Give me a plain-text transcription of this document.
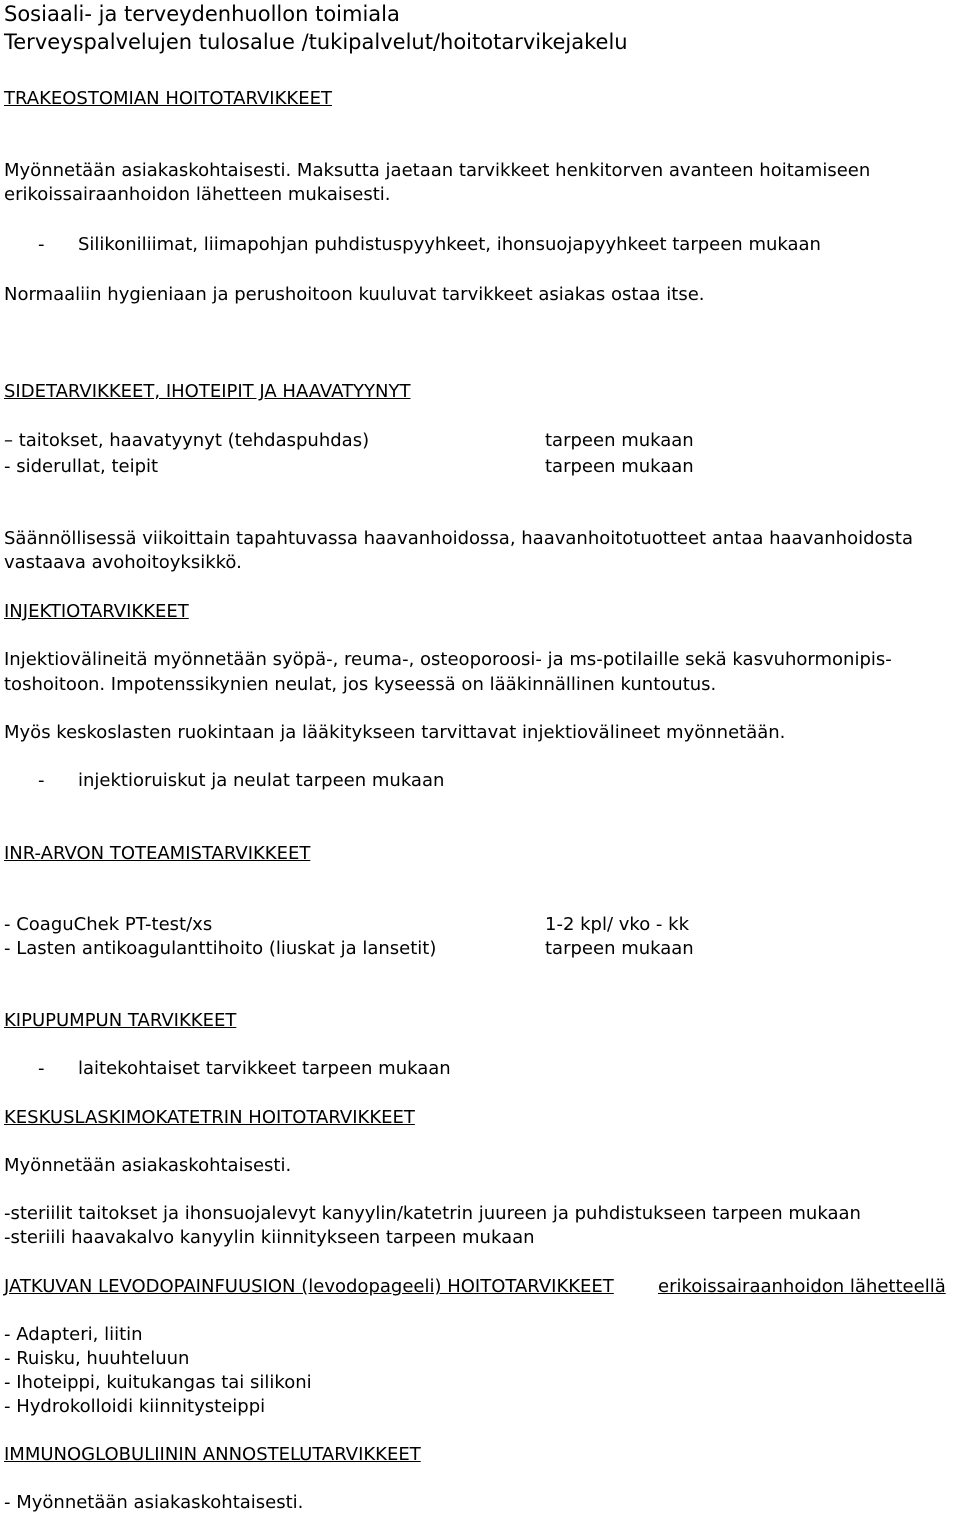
Sosiaali- ja terveydenhuollon toimiala
Terveyspalvelujen tulosalue /tukipalvelut/hoitotarvikejakelu
TRAKEOSTOMIAN HOITOTARVIKKEET
Myönnetään asiakaskohtaisesti. Maksutta jaetaan tarvikkeet henkitorven avanteen hoitamiseen
erikoissairaanhoidon lähetteen mukaisesti.
- Silikoniliimat, liimapohjan puhdistuspyyhkeet, ihonsuojapyyhkeet tarpeen mukaan
Normaaliin hygieniaan ja perushoitoon kuuluvat tarvikkeet asiakas ostaa itse.
SIDETARVIKKEET, IHOTEIPIT JA HAAVATYYNYT
– taitokset, haavatyynyt (tehdaspuhdas)	tarpeen mukaan
- siderullat, teipit	tarpeen mukaan
Säännöllisessä viikoittain tapahtuvassa haavanhoidossa, haavanhoitotuotteet antaa haavanhoidosta
vastaava avohoitoyksikkö.
INJEKTIOTARVIKKEET
Injektiovälineitä myönnetään syöpä-, reuma-, osteoporoosi- ja ms-potilaille sekä kasvuhormonipis-
toshoitoon. Impotenssikynien neulat, jos kyseessä on lääkinnällinen kuntoutus.
Myös keskoslasten ruokintaan ja lääkitykseen tarvittavat injektiovälineet myönnetään.
- injektioruiskut ja neulat tarpeen mukaan
INR-ARVON TOTEAMISTARVIKKEET
- CoaguChek PT-test/xs	1-2 kpl/ vko - kk
- Lasten antikoagulanttihoito (liuskat ja lansetit)	tarpeen mukaan
KIPUPUMPUN TARVIKKEET
- laitekohtaiset tarvikkeet tarpeen mukaan
KESKUSLASKIMOKATETRIN HOITOTARVIKKEET
Myönnetään asiakaskohtaisesti.
-steriilit taitokset ja ihonsuojalevyt kanyylin/katetrin juureen ja puhdistukseen tarpeen mukaan
-steriili haavakalvo kanyylin kiinnitykseen tarpeen mukaan
JATKUVAN LEVODOPAINFUUSION (levodopageeli) HOITOTARVIKKEET erikoissairaanhoidon lähetteellä
- Adapteri, liitin
- Ruisku, huuhteluun
- Ihoteippi, kuitukangas tai silikoni
- Hydrokolloidi kiinnitysteippi
IMMUNOGLOBULIININ ANNOSTELUTARVIKKEET
- Myönnetään asiakaskohtaisesti.
